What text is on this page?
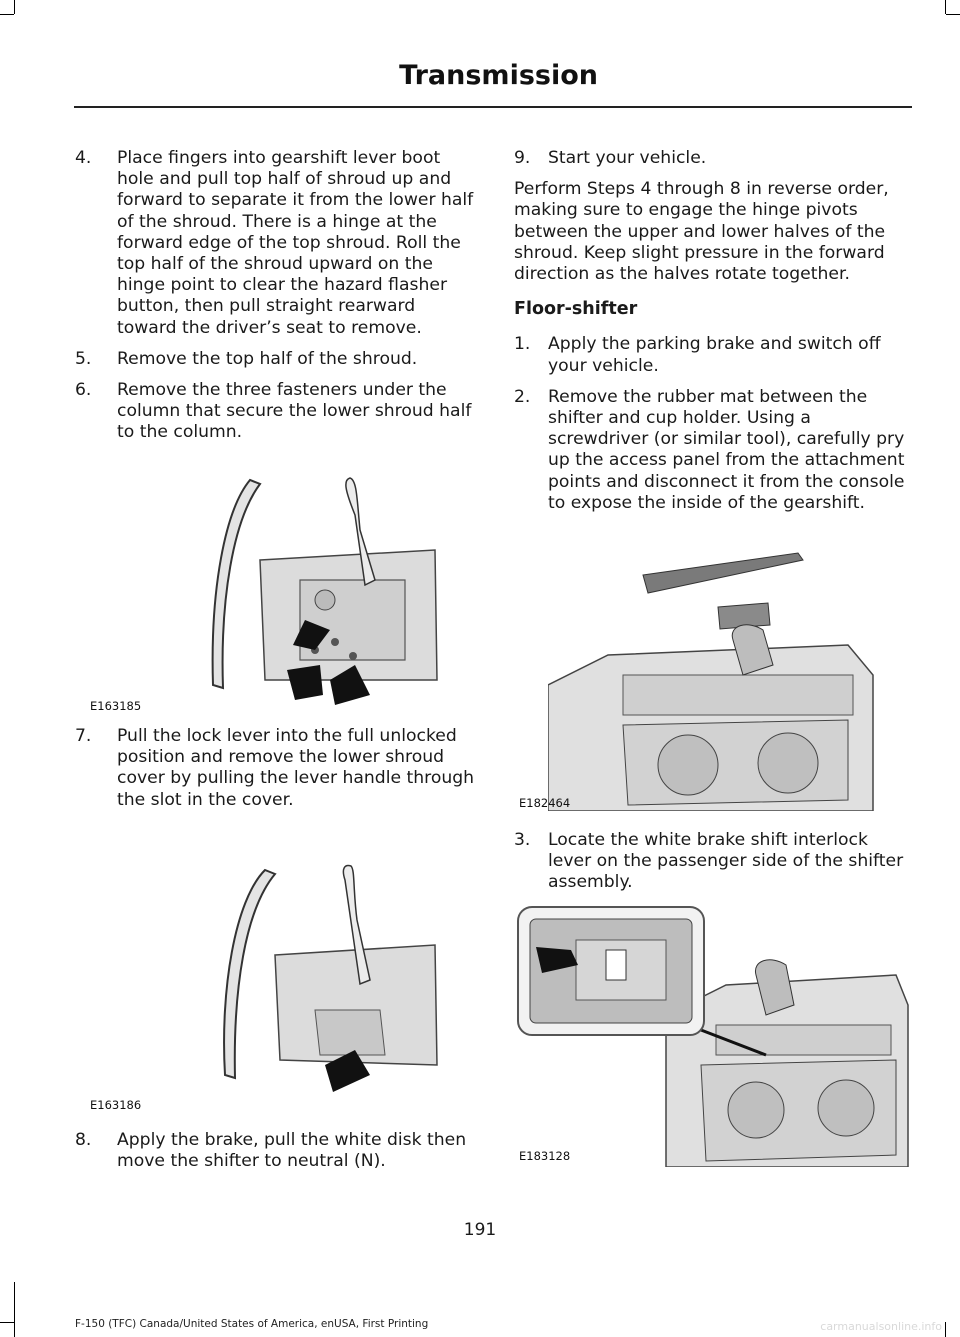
Transmission
4. Place fingers into gearshift lever boot hole and pull top half of shroud up and forward to separate it from the lower half of the shroud. There is a hinge at the forward edge of the top shroud. Roll the top half of the shroud upward on the hinge point to clear the hazard flasher button, then pull straight rearward toward the driver’s seat to remove.
5. Remove the top half of the shroud.
6. Remove the three fasteners under the column that secure the lower shroud half to the column.
E163185
7. Pull the lock lever into the full unlocked position and remove the lower shroud cover by pulling the lever handle through the slot in the cover.
E163186
8. Apply the brake, pull the white disk then move the shifter to neutral (N).
9. Start your vehicle.

Perform Steps 4 through 8 in reverse order, making sure to engage the hinge pivots between the upper and lower halves of the shroud. Keep slight pressure in the forward direction as the halves rotate together.

Floor-shifter
1. Apply the parking brake and switch off your vehicle.
2. Remove the rubber mat between the shifter and cup holder. Using a screwdriver (or similar tool), carefully pry up the access panel from the attachment points and disconnect it from the console to expose the inside of the gearshift.
E182464
3. Locate the white brake shift interlock lever on the passenger side of the shifter assembly.
E183128
191
F-150 (TFC) Canada/United States of America, enUSA, First Printing	carmanualsonline.info
